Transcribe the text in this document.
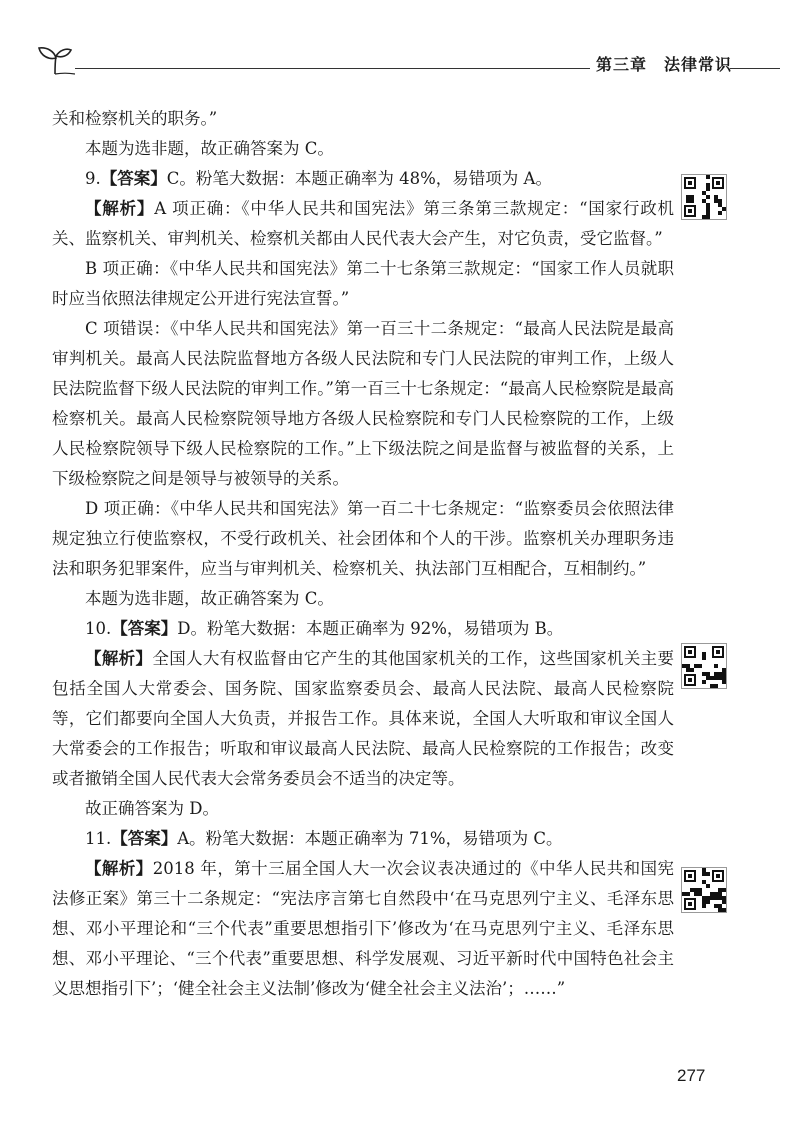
第三章　法律常识

关和检察机关的职务。”

本题为选非题，故正确答案为 C。

9.【答案】C。粉笔大数据：本题正确率为 48%，易错项为 A。

【解析】A 项正确：《中华人民共和国宪法》第三条第三款规定：“国家行政机关、监察机关、审判机关、检察机关都由人民代表大会产生，对它负责，受它监督。”

B 项正确：《中华人民共和国宪法》第二十七条第三款规定：“国家工作人员就职时应当依照法律规定公开进行宪法宣誓。”

C 项错误：《中华人民共和国宪法》第一百三十二条规定：“最高人民法院是最高审判机关。最高人民法院监督地方各级人民法院和专门人民法院的审判工作，上级人民法院监督下级人民法院的审判工作。”第一百三十七条规定：“最高人民检察院是最高检察机关。最高人民检察院领导地方各级人民检察院和专门人民检察院的工作，上级人民检察院领导下级人民检察院的工作。”上下级法院之间是监督与被监督的关系，上下级检察院之间是领导与被领导的关系。

D 项正确：《中华人民共和国宪法》第一百二十七条规定：“监察委员会依照法律规定独立行使监察权，不受行政机关、社会团体和个人的干涉。监察机关办理职务违法和职务犯罪案件，应当与审判机关、检察机关、执法部门互相配合，互相制约。”

本题为选非题，故正确答案为 C。

10.【答案】D。粉笔大数据：本题正确率为 92%，易错项为 B。

【解析】全国人大有权监督由它产生的其他国家机关的工作，这些国家机关主要包括全国人大常委会、国务院、国家监察委员会、最高人民法院、最高人民检察院等，它们都要向全国人大负责，并报告工作。具体来说，全国人大听取和审议全国人大常委会的工作报告；听取和审议最高人民法院、最高人民检察院的工作报告；改变或者撤销全国人民代表大会常务委员会不适当的决定等。

故正确答案为 D。

11.【答案】A。粉笔大数据：本题正确率为 71%，易错项为 C。

【解析】2018 年，第十三届全国人大一次会议表决通过的《中华人民共和国宪法修正案》第三十二条规定：“宪法序言第七自然段中‘在马克思列宁主义、毛泽东思想、邓小平理论和“三个代表”重要思想指引下’修改为‘在马克思列宁主义、毛泽东思想、邓小平理论、“三个代表”重要思想、科学发展观、习近平新时代中国特色社会主义思想指引下’；‘健全社会主义法制’修改为‘健全社会主义法治’；……”

277
